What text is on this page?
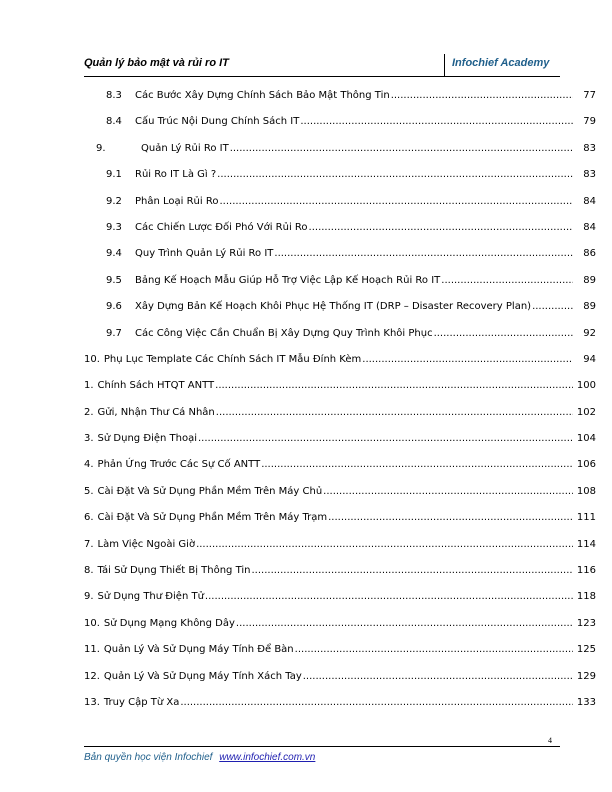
Quản lý bảo mật và rủi ro IT	Infochief Academy
8.3	Các Bước Xây Dựng Chính Sách Bảo Mật Thông Tin .....	77
8.4	Cấu Trúc Nội Dung Chính Sách IT .....	79
9.	Quản Lý Rủi Ro IT .....	83
9.1	Rủi Ro IT Là Gì ? .....	83
9.2	Phân Loại Rủi Ro .....	84
9.3	Các Chiến Lược Đối Phó Với Rủi Ro .....	84
9.4	Quy Trình Quản Lý Rủi Ro IT .....	86
9.5	Bảng Kế Hoạch Mẫu Giúp Hỗ Trợ Việc Lập Kế Hoạch Rủi Ro IT .....	89
9.6	Xây Dựng Bản Kế Hoạch Khôi Phục Hệ Thống IT (DRP – Disaster Recovery Plan) .....	89
9.7	Các Công Việc Cần Chuẩn Bị Xây Dựng Quy Trình Khôi Phục .....	92
10. Phụ Lục Template Các Chính Sách IT Mẫu Đính Kèm .....	94
1. Chính Sách HTQT ANTT .....	100
2. Gửi, Nhận Thư Cá Nhân .....	102
3. Sử Dụng Điện Thoại .....	104
4. Phản Ứng Trước Các Sự Cố ANTT .....	106
5. Cài Đặt Và Sử Dụng Phần Mềm Trên Máy Chủ .....	108
6. Cài Đặt Và Sử Dụng Phần Mềm Trên Máy Trạm .....	111
7. Làm Việc Ngoài Giờ .....	114
8. Tái Sử Dụng Thiết Bị Thông Tin .....	116
9. Sử Dụng Thư Điện Tử .....	118
10. Sử Dụng Mạng Không Dây .....	123
11. Quản Lý Và Sử Dụng Máy Tính Để Bàn .....	125
12. Quản Lý Và Sử Dụng Máy Tính Xách Tay .....	129
13. Truy Cập Từ Xa .....	133
4
Bản quyền học viện Infochief www.infochief.com.vn
